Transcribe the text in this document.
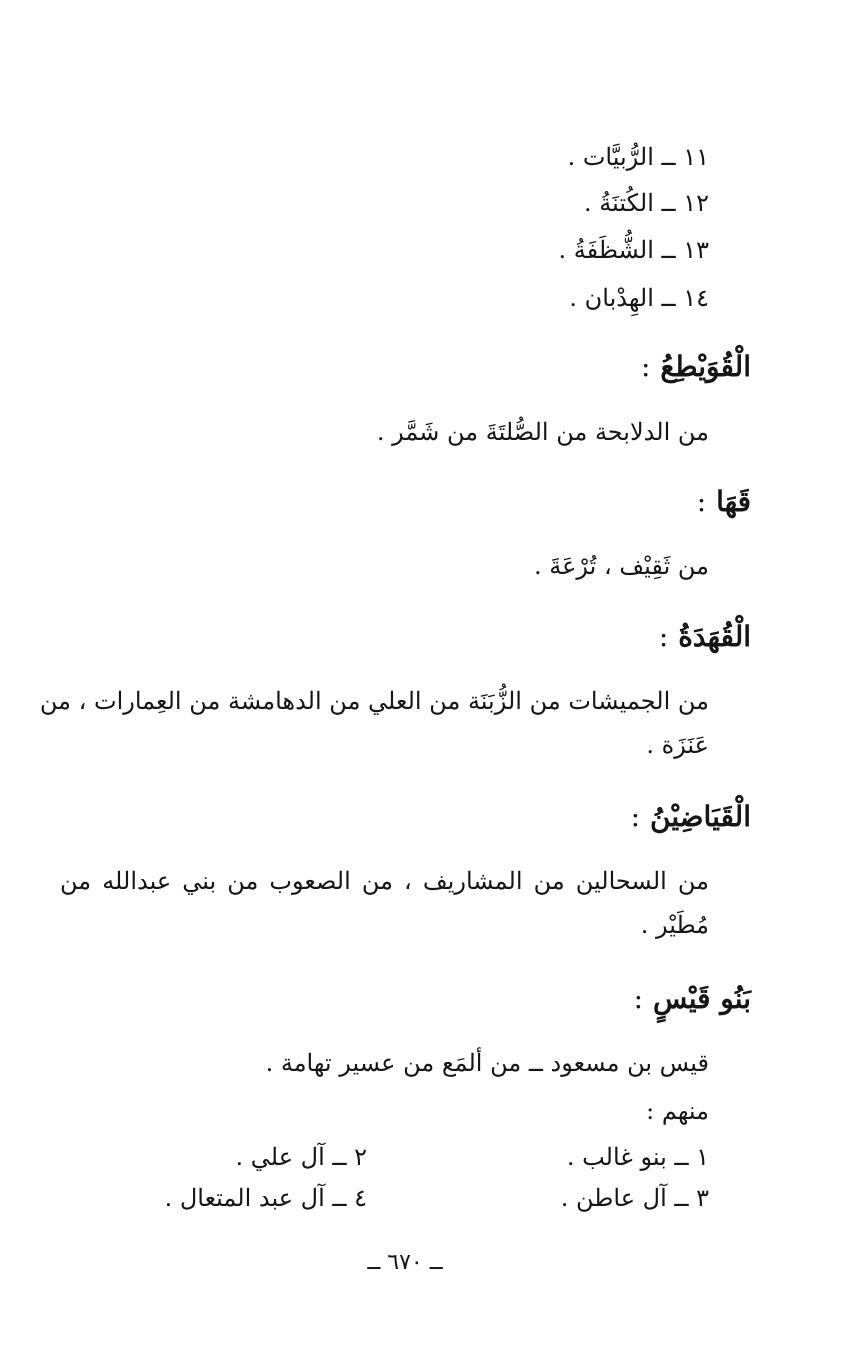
١١ ــ الرُّبيَّات .
١٢ ــ الكُتنَةُ .
١٣ ــ الشُّظَفَةُ .
١٤ ــ الهِدْبان .
الْقُوَيْطِعُ:
من الدلابحة من الصُّلتَةَ من شَمَّر .
قَهَا:
من ثَقِيْف ، تُرْعَةَ .
الْقُهَدَةُ:
من الجميشات من الزُّبَنَة من العلي من الدهامشة من العِمارات ، من
عَنَزَة .
الْقَيَاضِيْنُ:
من السحالين من المشاريف ، من الصعوب من بني عبدالله من
مُطَيْر .
بَنُو قَيْسٍ:
قيس بن مسعود ــ من ألمَع من عسير تهامة .
منهم :
١ ــ بنو غالب .
٢ ــ آل علي .
٣ ــ آل عاطن .
٤ ــ آل عبد المتعال .
ــ ٦٧٠ ــ
